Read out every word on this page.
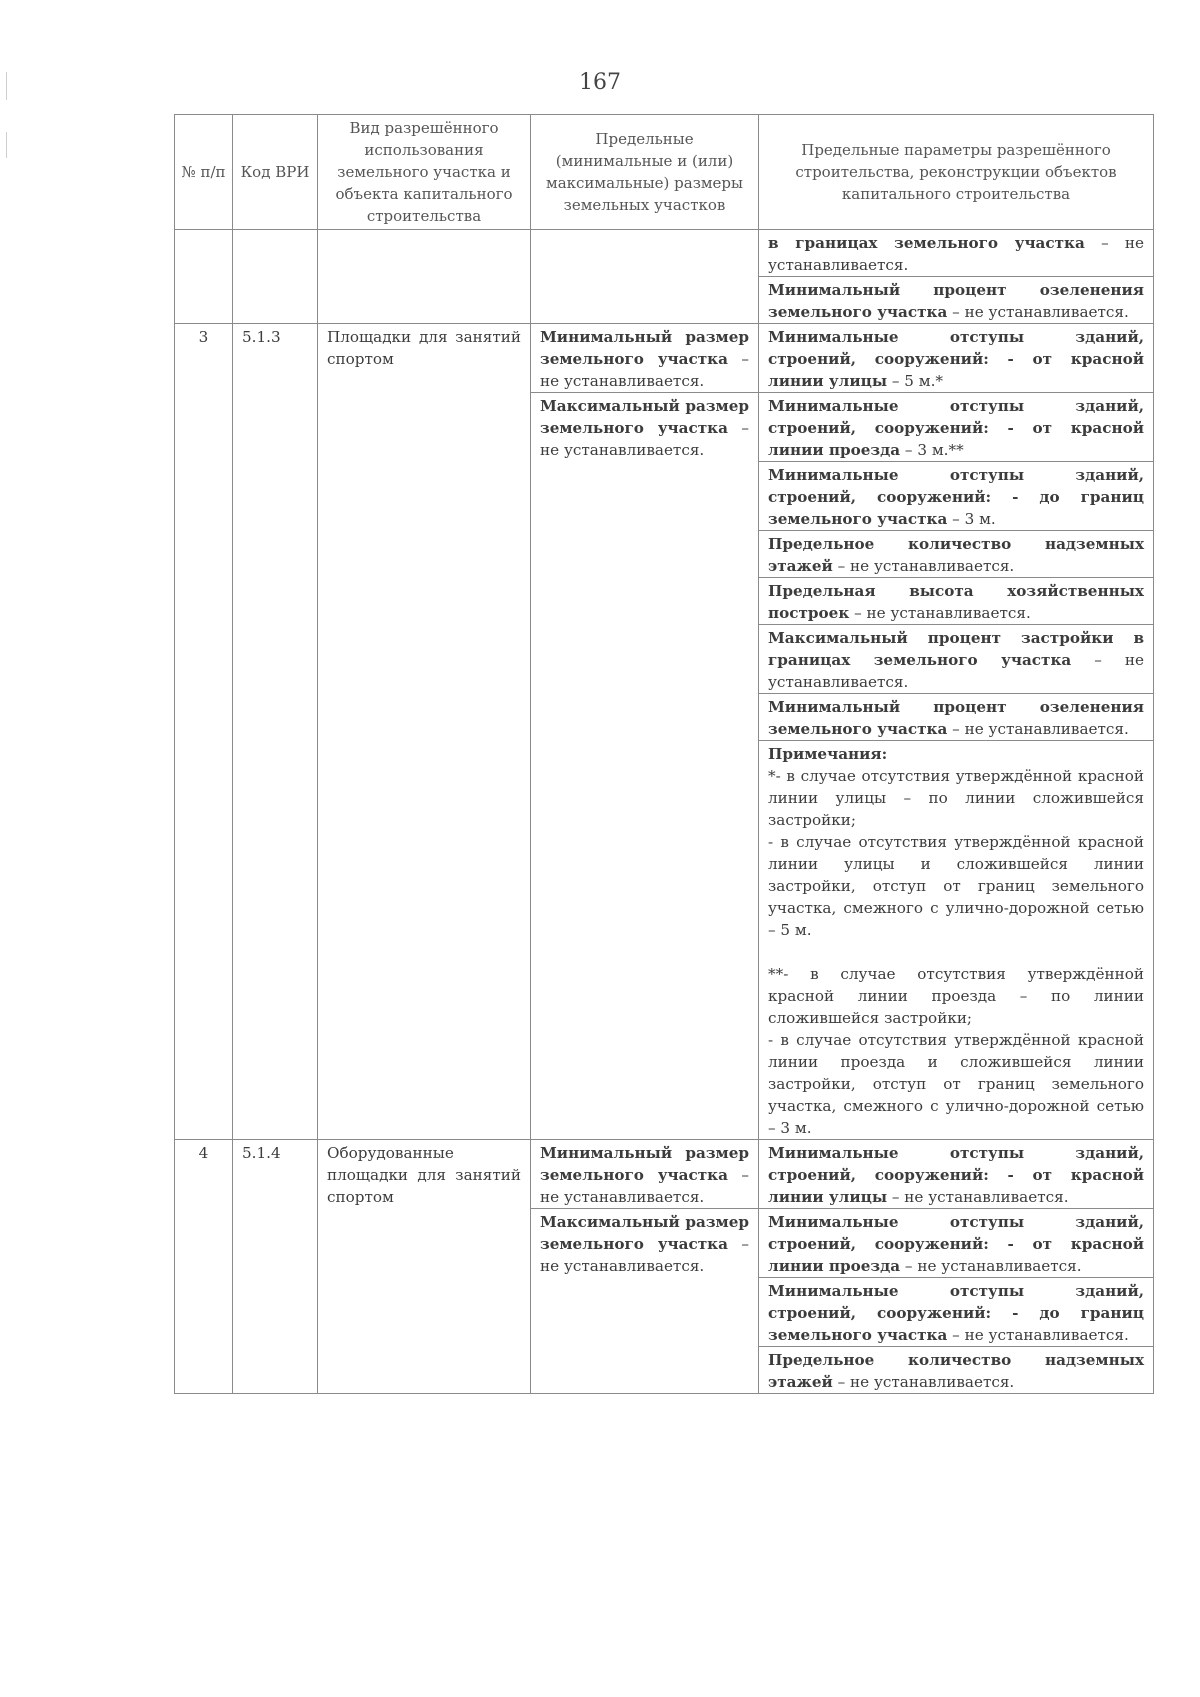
167
№ п/п	Код ВРИ	Вид разрешённого использования земельного участка и объекта капитального строительства	Предельные (минимальные и (или) максимальные) размеры земельных участков	Предельные параметры разрешённого строительства, реконструкции объектов капитального строительства
				в границах земельного участка – не устанавливается.
				Минимальный процент озеленения земельного участка – не устанавливается.
3	5.1.3	Площадки для занятий спортом	Минимальный размер земельного участка – не устанавливается.	Минимальные отступы зданий, строений, сооружений: - от красной линии улицы – 5 м.*
			Максимальный размер земельного участка – не устанавливается.	Минимальные отступы зданий, строений, сооружений: - от красной линии проезда – 3 м.**
				Минимальные отступы зданий, строений, сооружений: - до границ земельного участка – 3 м.
				Предельное количество надземных этажей – не устанавливается.
				Предельная высота хозяйственных построек – не устанавливается.
				Максимальный процент застройки в границах земельного участка – не устанавливается.
				Минимальный процент озеленения земельного участка – не устанавливается.
				Примечания:
*- в случае отсутствия утверждённой красной линии улицы – по линии сложившейся застройки;
- в случае отсутствия утверждённой красной линии улицы и сложившейся линии застройки, отступ от границ земельного участка, смежного с улично-дорожной сетью – 5 м.
**- в случае отсутствия утверждённой красной линии проезда – по линии сложившейся застройки;
- в случае отсутствия утверждённой красной линии проезда и сложившейся линии застройки, отступ от границ земельного участка, смежного с улично-дорожной сетью – 3 м.

4	5.1.4	Оборудованные площадки для занятий спортом	Минимальный размер земельного участка – не устанавливается.	Минимальные отступы зданий, строений, сооружений: - от красной линии улицы – не устанавливается.
			Максимальный размер земельного участка – не устанавливается.	Минимальные отступы зданий, строений, сооружений: - от красной линии проезда – не устанавливается.
				Минимальные отступы зданий, строений, сооружений: - до границ земельного участка – не устанавливается.
				Предельное количество надземных этажей – не устанавливается.
